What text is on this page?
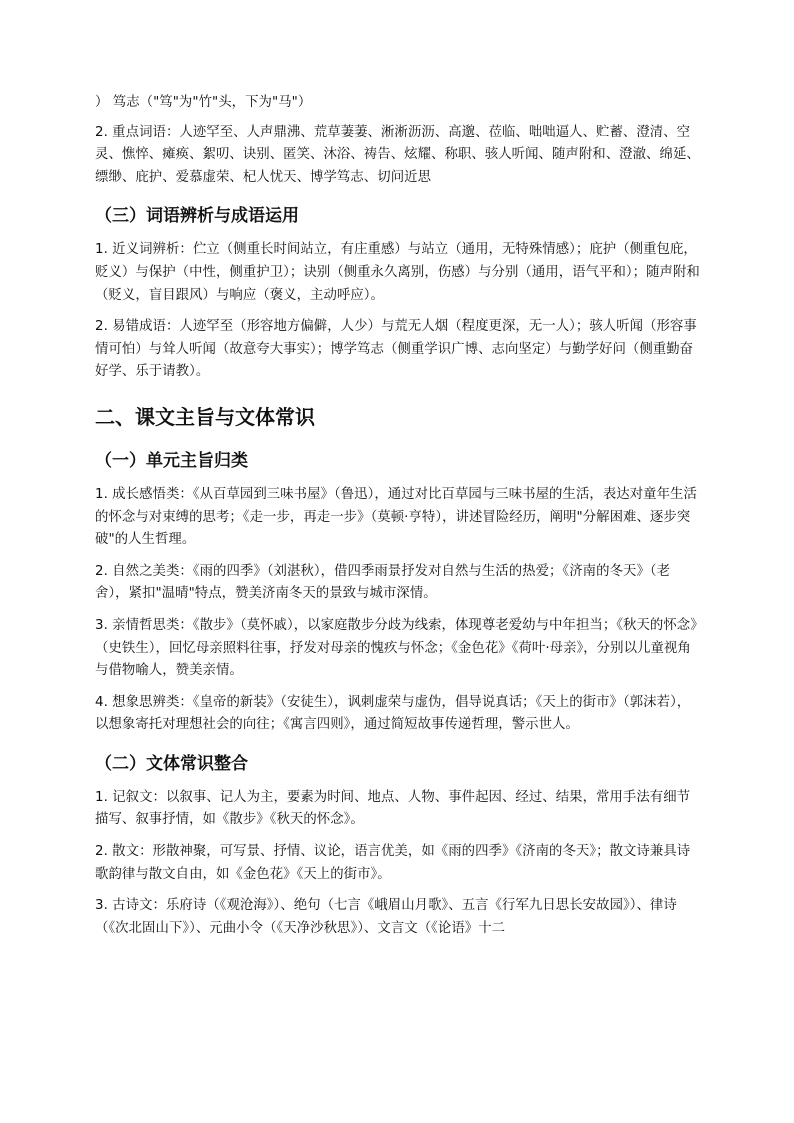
） 笃志（"笃"为"竹"头，下为"马"）

2. 重点词语：人迹罕至、人声鼎沸、荒草萋萋、淅淅沥沥、高邈、莅临、咄咄逼人、贮蓄、澄清、空灵、憔悴、瘫痪、絮叨、诀别、匿笑、沐浴、祷告、炫耀、称职、骇人听闻、随声附和、澄澈、绵延、缥缈、庇护、爱慕虚荣、杞人忧天、博学笃志、切问近思

（三）词语辨析与成语运用

1. 近义词辨析：伫立（侧重长时间站立，有庄重感）与站立（通用，无特殊情感）；庇护（侧重包庇，贬义）与保护（中性，侧重护卫）；诀别（侧重永久离别，伤感）与分别（通用，语气平和）；随声附和（贬义，盲目跟风）与响应（褒义，主动呼应）。

2. 易错成语：人迹罕至（形容地方偏僻，人少）与荒无人烟（程度更深，无一人）；骇人听闻（形容事情可怕）与耸人听闻（故意夸大事实）；博学笃志（侧重学识广博、志向坚定）与勤学好问（侧重勤奋好学、乐于请教）。

二、课文主旨与文体常识
（一）单元主旨归类

1. 成长感悟类：《从百草园到三味书屋》（鲁迅），通过对比百草园与三味书屋的生活，表达对童年生活的怀念与对束缚的思考；《走一步，再走一步》（莫顿·亨特），讲述冒险经历，阐明"分解困难、逐步突破"的人生哲理。

2. 自然之美类：《雨的四季》（刘湛秋），借四季雨景抒发对自然与生活的热爱；《济南的冬天》（老舍），紧扣"温晴"特点，赞美济南冬天的景致与城市深情。

3. 亲情哲思类：《散步》（莫怀戚），以家庭散步分歧为线索，体现尊老爱幼与中年担当；《秋天的怀念》（史铁生），回忆母亲照料往事，抒发对母亲的愧疚与怀念；《金色花》《荷叶·母亲》，分别以儿童视角与借物喻人，赞美亲情。

4. 想象思辨类：《皇帝的新装》（安徒生），讽刺虚荣与虚伪，倡导说真话；《天上的街市》（郭沫若），以想象寄托对理想社会的向往；《寓言四则》，通过简短故事传递哲理，警示世人。

（二）文体常识整合

1. 记叙文：以叙事、记人为主，要素为时间、地点、人物、事件起因、经过、结果，常用手法有细节描写、叙事抒情，如《散步》《秋天的怀念》。

2. 散文：形散神聚，可写景、抒情、议论，语言优美，如《雨的四季》《济南的冬天》；散文诗兼具诗歌韵律与散文自由，如《金色花》《天上的街市》。

3. 古诗文：乐府诗（《观沧海》）、绝句（七言《峨眉山月歌》、五言《行军九日思长安故园》）、律诗（《次北固山下》）、元曲小令（《天净沙秋思》）、文言文（《论语》十二
